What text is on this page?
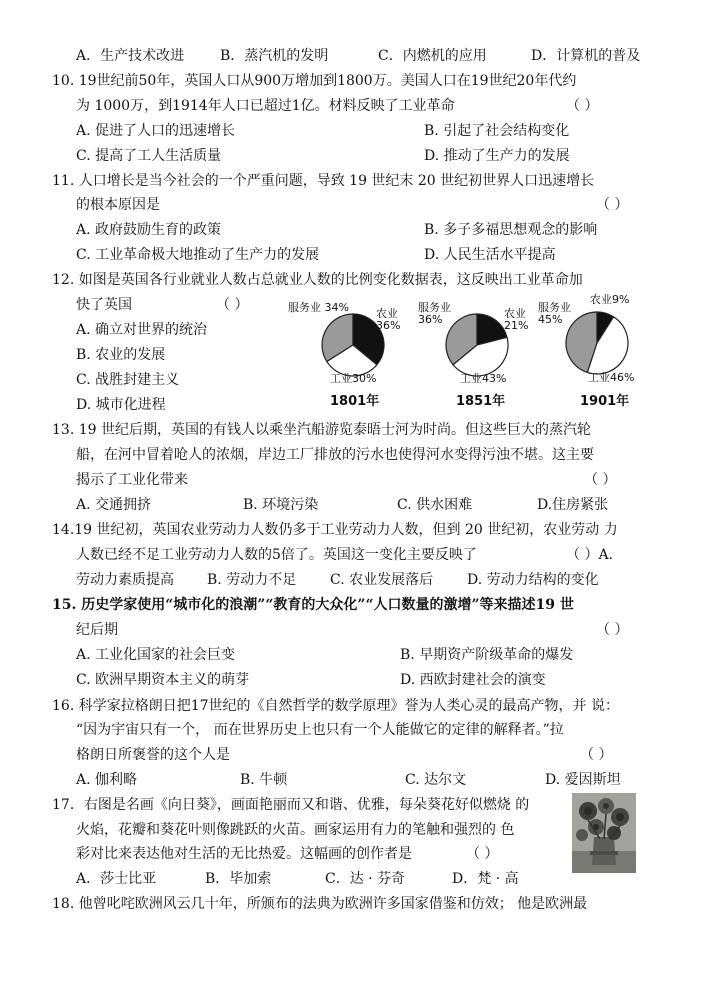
A．生产技术改进	B．蒸汽机的发明	C．内燃机的应用	D．计算机的普及
10. 19世纪前50年，英国人口从900万增加到1800万。美国人口在19世纪20年代约
为 1000万，到1914年人口已超过1亿。材料反映了工业革命	（ ）
A. 促进了人口的迅速增长	B. 引起了社会结构变化
C. 提高了工人生活质量	D. 推动了生产力的发展
11. 人口增长是当今社会的一个严重问题，导致 19 世纪末 20 世纪初世界人口迅速增长
的根本原因是	（ ）
A. 政府鼓励生育的政策	B. 多子多福思想观念的影响
C. 工业革命极大地推动了生产力的发展	D. 人民生活水平提高
12. 如图是英国各行业就业人数占总就业人数的比例变化数据表，这反映出工业革命加
快了英国	（ ）
A. 确立对世界的统治
B. 农业的发展
C. 战胜封建主义
D. 城市化进程
服务业 34% 农业 36%
工业30%
1801年
服务业 36%	农业 21%
工业43%
1851年
服务业 45%
农业9%
工业46%
1901年
13. 19 世纪后期，英国的有钱人以乘坐汽船游览泰晤士河为时尚。但这些巨大的蒸汽轮
船，在河中冒着呛人的浓烟，岸边工厂排放的污水也使得河水变得污浊不堪。这主要
揭示了工业化带来	（ ）
A. 交通拥挤	B. 环境污染	C. 供水困难	D.住房紧张
14.19 世纪初，英国农业劳动力人数仍多于工业劳动力人数，但到 20 世纪初，农业劳动 力
人数已经不足工业劳动力人数的5倍了。英国这一变化主要反映了	（ ）A.
劳动力素质提高 B. 劳动力不足 C. 农业发展落后 D. 劳动力结构的变化
15. 历史学家使用“城市化的浪潮”“教育的大众化”“人口数量的激增”等来描述19 世
纪后期	（ ）
A. 工业化国家的社会巨变	B. 早期资产阶级革命的爆发
C. 欧洲早期资本主义的萌芽	D. 西欧封建社会的演变
16. 科学家拉格朗日把17世纪的《自然哲学的数学原理》誉为人类心灵的最高产物，并 说：
“因为宇宙只有一个， 而在世界历史上也只有一个人能做它的定律的解释者。”拉
格朗日所褒誉的这个人是	（ ）
A. 伽利略	B. 牛顿	C. 达尔文	D. 爱因斯坦
17．右图是名画《向日葵》，画面艳丽而又和谐、优雅，每朵葵花好似燃烧 的
火焰，花瓣和葵花叶则像跳跃的火苗。画家运用有力的笔触和强烈的 色
彩对比来表达他对生活的无比热爱。这幅画的创作者是	（ ）
A．莎士比亚	B．毕加索	C．达 · 芬奇	D．梵 · 高
18. 他曾叱咤欧洲风云几十年，所颁布的法典为欧洲许多国家借鉴和仿效； 他是欧洲最
